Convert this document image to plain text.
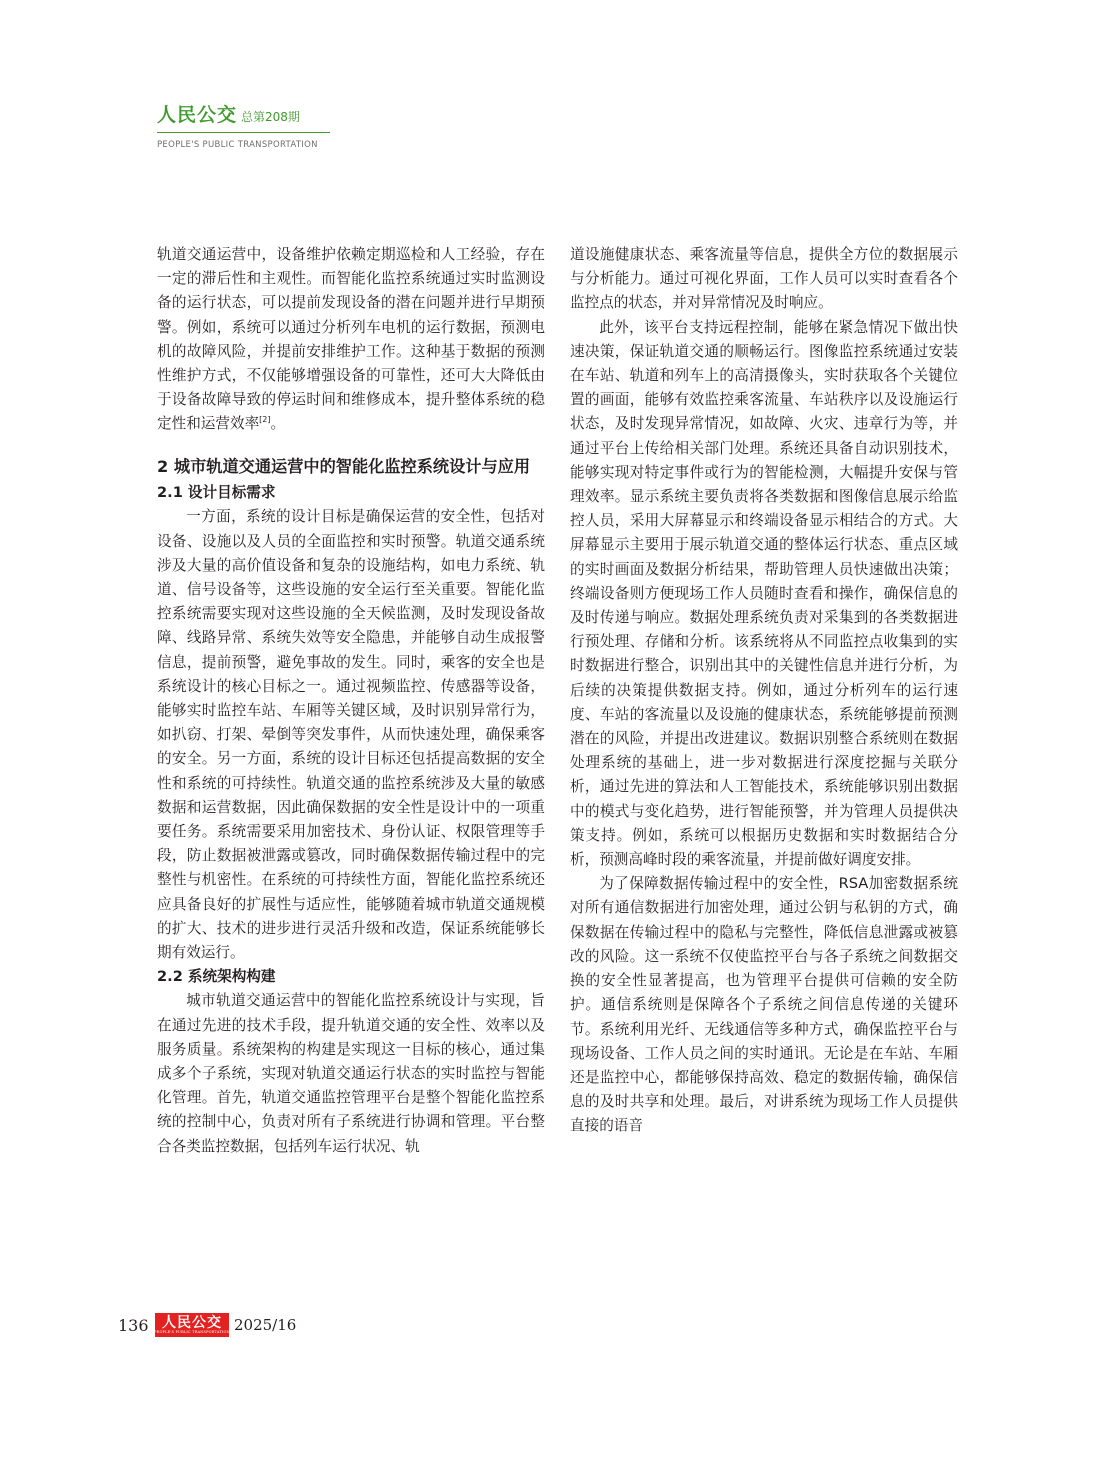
人民公交 总第208期
PEOPLE'S PUBLIC TRANSPORTATION

轨道交通运营中，设备维护依赖定期巡检和人工经验，存在一定的滞后性和主观性。而智能化监控系统通过实时监测设备的运行状态，可以提前发现设备的潜在问题并进行早期预警。例如，系统可以通过分析列车电机的运行数据，预测电机的故障风险，并提前安排维护工作。这种基于数据的预测性维护方式，不仅能够增强设备的可靠性，还可大大降低由于设备故障导致的停运时间和维修成本，提升整体系统的稳定性和运营效率[2]。

2 城市轨道交通运营中的智能化监控系统设计与应用
2.1 设计目标需求

一方面，系统的设计目标是确保运营的安全性，包括对设备、设施以及人员的全面监控和实时预警。轨道交通系统涉及大量的高价值设备和复杂的设施结构，如电力系统、轨道、信号设备等，这些设施的安全运行至关重要。智能化监控系统需要实现对这些设施的全天候监测，及时发现设备故障、线路异常、系统失效等安全隐患，并能够自动生成报警信息，提前预警，避免事故的发生。同时，乘客的安全也是系统设计的核心目标之一。通过视频监控、传感器等设备，能够实时监控车站、车厢等关键区域，及时识别异常行为，如扒窃、打架、晕倒等突发事件，从而快速处理，确保乘客的安全。另一方面，系统的设计目标还包括提高数据的安全性和系统的可持续性。轨道交通的监控系统涉及大量的敏感数据和运营数据，因此确保数据的安全性是设计中的一项重要任务。系统需要采用加密技术、身份认证、权限管理等手段，防止数据被泄露或篡改，同时确保数据传输过程中的完整性与机密性。在系统的可持续性方面，智能化监控系统还应具备良好的扩展性与适应性，能够随着城市轨道交通规模的扩大、技术的进步进行灵活升级和改造，保证系统能够长期有效运行。

2.2 系统架构构建

城市轨道交通运营中的智能化监控系统设计与实现，旨在通过先进的技术手段，提升轨道交通的安全性、效率以及服务质量。系统架构的构建是实现这一目标的核心，通过集成多个子系统，实现对轨道交通运行状态的实时监控与智能化管理。首先，轨道交通监控管理平台是整个智能化监控系统的控制中心，负责对所有子系统进行协调和管理。平台整合各类监控数据，包括列车运行状况、轨

道设施健康状态、乘客流量等信息，提供全方位的数据展示与分析能力。通过可视化界面，工作人员可以实时查看各个监控点的状态，并对异常情况及时响应。

此外，该平台支持远程控制，能够在紧急情况下做出快速决策，保证轨道交通的顺畅运行。图像监控系统通过安装在车站、轨道和列车上的高清摄像头，实时获取各个关键位置的画面，能够有效监控乘客流量、车站秩序以及设施运行状态，及时发现异常情况，如故障、火灾、违章行为等，并通过平台上传给相关部门处理。系统还具备自动识别技术，能够实现对特定事件或行为的智能检测，大幅提升安保与管理效率。显示系统主要负责将各类数据和图像信息展示给监控人员，采用大屏幕显示和终端设备显示相结合的方式。大屏幕显示主要用于展示轨道交通的整体运行状态、重点区域的实时画面及数据分析结果，帮助管理人员快速做出决策；终端设备则方便现场工作人员随时查看和操作，确保信息的及时传递与响应。数据处理系统负责对采集到的各类数据进行预处理、存储和分析。该系统将从不同监控点收集到的实时数据进行整合，识别出其中的关键性信息并进行分析，为后续的决策提供数据支持。例如，通过分析列车的运行速度、车站的客流量以及设施的健康状态，系统能够提前预测潜在的风险，并提出改进建议。数据识别整合系统则在数据处理系统的基础上，进一步对数据进行深度挖掘与关联分析，通过先进的算法和人工智能技术，系统能够识别出数据中的模式与变化趋势，进行智能预警，并为管理人员提供决策支持。例如，系统可以根据历史数据和实时数据结合分析，预测高峰时段的乘客流量，并提前做好调度安排。

为了保障数据传输过程中的安全性，RSA加密数据系统对所有通信数据进行加密处理，通过公钥与私钥的方式，确保数据在传输过程中的隐私与完整性，降低信息泄露或被篡改的风险。这一系统不仅使监控平台与各子系统之间数据交换的安全性显著提高，也为管理平台提供可信赖的安全防护。通信系统则是保障各个子系统之间信息传递的关键环节。系统利用光纤、无线通信等多种方式，确保监控平台与现场设备、工作人员之间的实时通讯。无论是在车站、车厢还是监控中心，都能够保持高效、稳定的数据传输，确保信息的及时共享和处理。最后，对讲系统为现场工作人员提供直接的语音

136 人民公交
PEOPLE'S PUBLIC TRANSPORTATION 2025/16
